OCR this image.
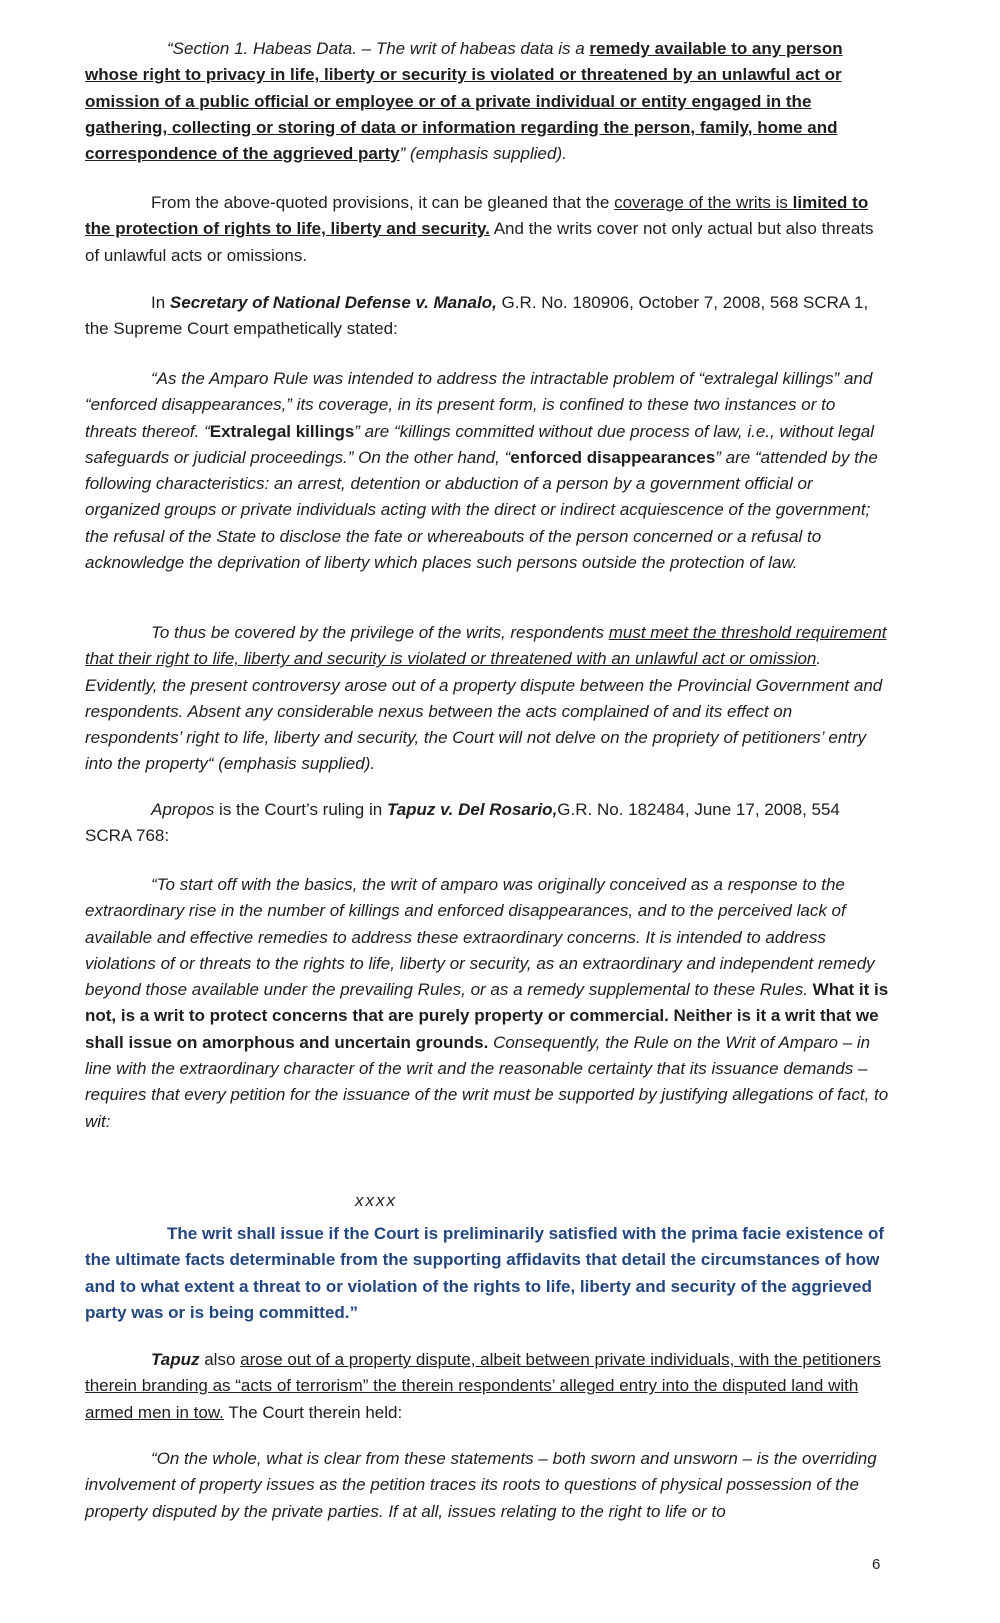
“Section 1. Habeas Data. – The writ of habeas data is a remedy available to any person whose right to privacy in life, liberty or security is violated or threatened by an unlawful act or omission of a public official or employee or of a private individual or entity engaged in the gathering, collecting or storing of data or information regarding the person, family, home and correspondence of the aggrieved party” (emphasis supplied).

From the above-quoted provisions, it can be gleaned that the coverage of the writs is limited to the protection of rights to life, liberty and security. And the writs cover not only actual but also threats of unlawful acts or omissions.

In Secretary of National Defense v. Manalo, G.R. No. 180906, October 7, 2008, 568 SCRA 1, the Supreme Court empathetically stated:

“As the Amparo Rule was intended to address the intractable problem of “extralegal killings” and “enforced disappearances,” its coverage, in its present form, is confined to these two instances or to threats thereof. “Extralegal killings” are “killings committed without due process of law, i.e., without legal safeguards or judicial proceedings.” On the other hand, “enforced disappearances” are “attended by the following characteristics: an arrest, detention or abduction of a person by a government official or organized groups or private individuals acting with the direct or indirect acquiescence of the government; the refusal of the State to disclose the fate or whereabouts of the person concerned or a refusal to acknowledge the deprivation of liberty which places such persons outside the protection of law.

To thus be covered by the privilege of the writs, respondents must meet the threshold requirement that their right to life, liberty and security is violated or threatened with an unlawful act or omission. Evidently, the present controversy arose out of a property dispute between the Provincial Government and respondents. Absent any considerable nexus between the acts complained of and its effect on respondents’ right to life, liberty and security, the Court will not delve on the propriety of petitioners’ entry into the property“ (emphasis supplied).

Apropos is the Court’s ruling in Tapuz v. Del Rosario,G.R. No. 182484, June 17, 2008, 554 SCRA 768:

“To start off with the basics, the writ of amparo was originally conceived as a response to the extraordinary rise in the number of killings and enforced disappearances, and to the perceived lack of available and effective remedies to address these extraordinary concerns. It is intended to address violations of or threats to the rights to life, liberty or security, as an extraordinary and independent remedy beyond those available under the prevailing Rules, or as a remedy supplemental to these Rules. What it is not, is a writ to protect concerns that are purely property or commercial. Neither is it a writ that we shall issue on amorphous and uncertain grounds. Consequently, the Rule on the Writ of Amparo – in line with the extraordinary character of the writ and the reasonable certainty that its issuance demands – requires that every petition for the issuance of the writ must be supported by justifying allegations of fact, to wit:

xxxx

The writ shall issue if the Court is preliminarily satisfied with the prima facie existence of the ultimate facts determinable from the supporting affidavits that detail the circumstances of how and to what extent a threat to or violation of the rights to life, liberty and security of the aggrieved party was or is being committed.”

Tapuz also arose out of a property dispute, albeit between private individuals, with the petitioners therein branding as “acts of terrorism” the therein respondents’ alleged entry into the disputed land with armed men in tow. The Court therein held:

“On the whole, what is clear from these statements – both sworn and unsworn – is the overriding involvement of property issues as the petition traces its roots to questions of physical possession of the property disputed by the private parties. If at all, issues relating to the right to life or to

6
